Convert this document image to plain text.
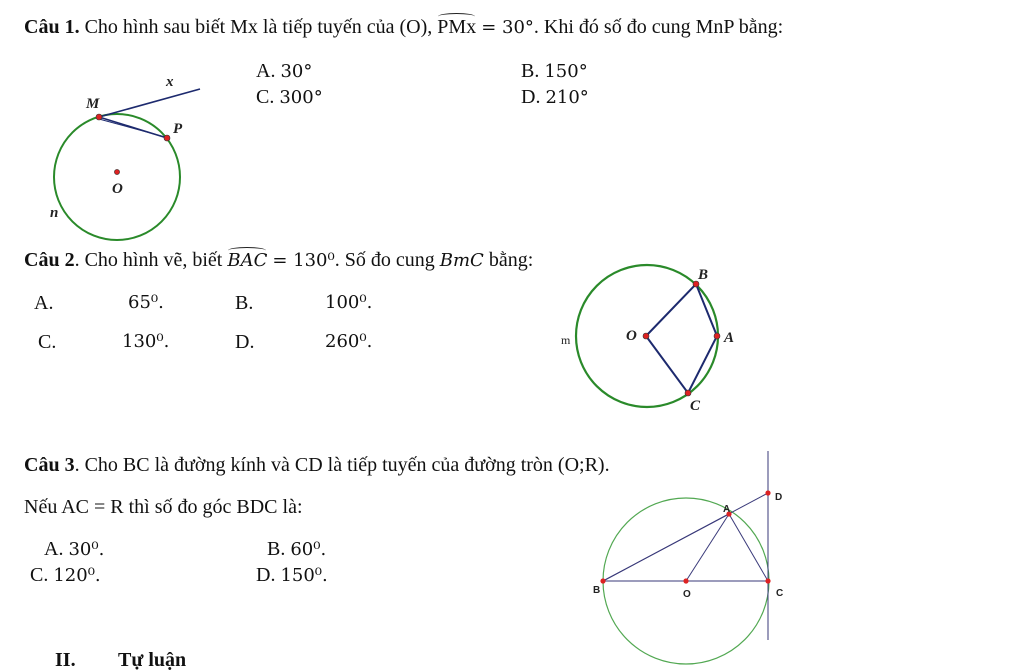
Câu 1. Cho hình sau biết Mx là tiếp tuyến của (O), PMx = 30°. Khi đó số đo cung MnP bằng:
A. 30°	B. 150°
C. 300°	D. 210°
M
x
P
O
n
Câu 2. Cho hình vẽ, biết BAC = 130⁰. Số đo cung BmC bằng:
A.	65⁰.	B.	100⁰.
C.	130⁰.	D.	260⁰.
B
O	A
C
m
Câu 3. Cho BC là đường kính và CD là tiếp tuyến của đường tròn (O;R).
Nếu AC = R thì số đo góc BDC là:
A. 30⁰.	B. 60⁰.
C. 120⁰.	D. 150⁰.
D
A
B	O	C
II. Tự luận
